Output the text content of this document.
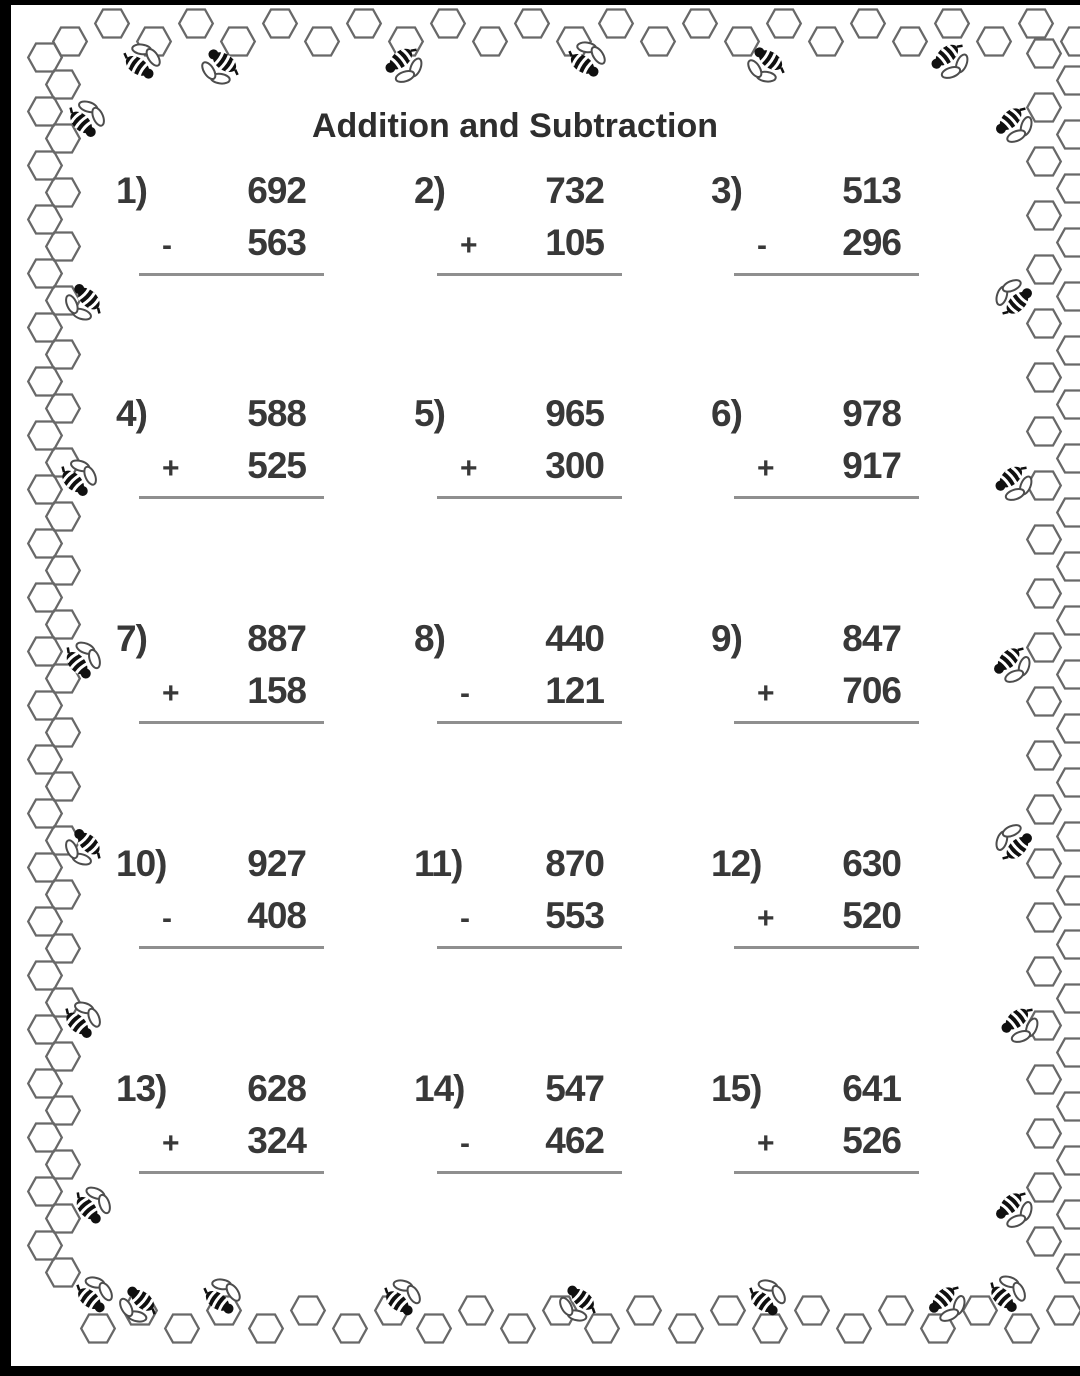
Addition and Subtraction
1)	692
- 563
2)	732
+ 105
3)	513
- 296
4)	588
+ 525
5)	965
+ 300
6)	978
+ 917
7)	887
+ 158
8)	440
- 121
9)	847
+ 706
10) 927
- 408
11) 870
- 553
12) 630
+ 520
13) 628
+ 324
14) 547
- 462
15) 641
+ 526
